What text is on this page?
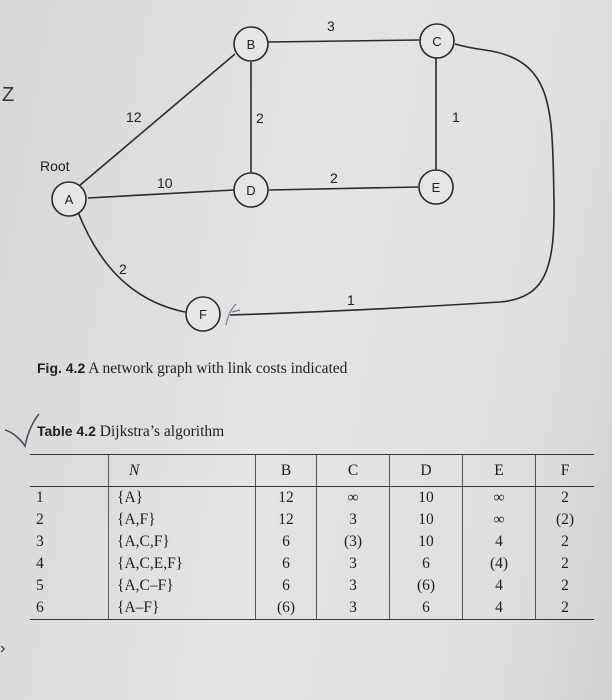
Z
A
B	C
D	E
F
Root
12
3
2
10	2
1
2
1
Fig. 4.2 A network graph with link costs indicated
Table 4.2 Dijkstra’s algorithm
	N	B	C	D	E	F
1	{A}	12	∞	10	∞	2
2	{A,F}	12	3	10	∞	(2)
3	{A,C,F}	6	(3)	10	4	2
4	{A,C,E,F}	6	3	6	(4)	2
5	{A,C–F}	6	3	(6)	4	2
6	{A–F}	(6)	3	6	4	2
›
